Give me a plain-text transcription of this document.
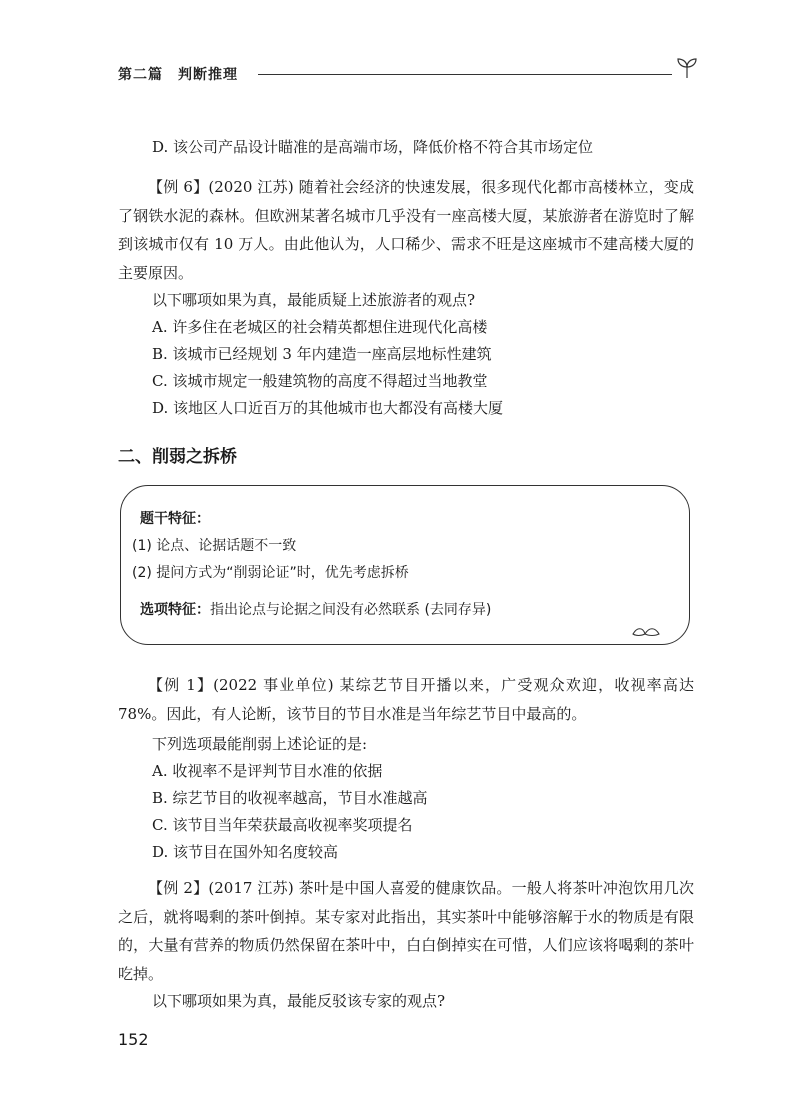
第二篇　判断推理
D. 该公司产品设计瞄准的是高端市场，降低价格不符合其市场定位

【例 6】(2020 江苏) 随着社会经济的快速发展，很多现代化都市高楼林立，变成了钢铁水泥的森林。但欧洲某著名城市几乎没有一座高楼大厦，某旅游者在游览时了解到该城市仅有 10 万人。由此他认为，人口稀少、需求不旺是这座城市不建高楼大厦的主要原因。

以下哪项如果为真，最能质疑上述旅游者的观点?
A. 许多住在老城区的社会精英都想住进现代化高楼
B. 该城市已经规划 3 年内建造一座高层地标性建筑
C. 该城市规定一般建筑物的高度不得超过当地教堂
D. 该地区人口近百万的其他城市也大都没有高楼大厦
二、削弱之拆桥
题干特征：
(1) 论点、论据话题不一致
(2) 提问方式为“削弱论证”时，优先考虑拆桥
选项特征：指出论点与论据之间没有必然联系 (去同存异)

【例 1】(2022 事业单位) 某综艺节目开播以来，广受观众欢迎，收视率高达 78%。因此，有人论断，该节目的节目水准是当年综艺节目中最高的。

下列选项最能削弱上述论证的是:
A. 收视率不是评判节目水准的依据
B. 综艺节目的收视率越高，节目水准越高
C. 该节目当年荣获最高收视率奖项提名
D. 该节目在国外知名度较高

【例 2】(2017 江苏) 茶叶是中国人喜爱的健康饮品。一般人将茶叶冲泡饮用几次之后，就将喝剩的茶叶倒掉。某专家对此指出，其实茶叶中能够溶解于水的物质是有限的，大量有营养的物质仍然保留在茶叶中，白白倒掉实在可惜，人们应该将喝剩的茶叶吃掉。

以下哪项如果为真，最能反驳该专家的观点?
152
